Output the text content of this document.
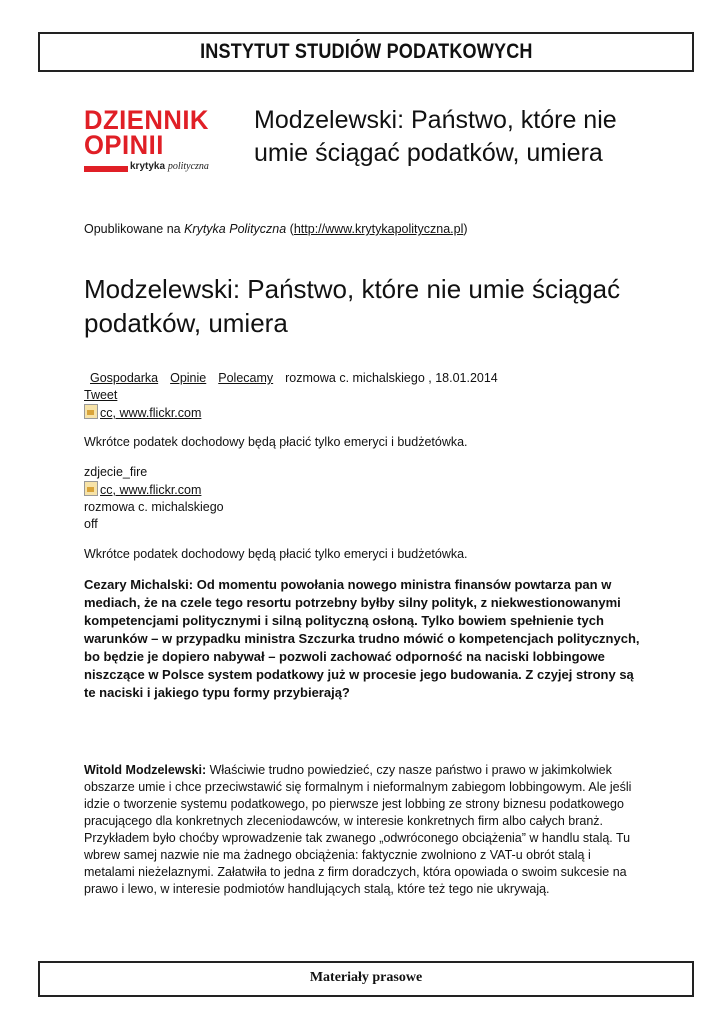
INSTYTUT STUDIÓW PODATKOWYCH
DZIENNIK
OPINII
krytyka polityczna
Modzelewski: Państwo, które nie umie ściągać podatków, umiera
Opublikowane na Krytyka Polityczna (http://www.krytykapolityczna.pl)
Modzelewski: Państwo, które nie umie ściągać podatków, umiera
Gospodarka Opinie Polecamy rozmowa c. michalskiego , 18.01.2014
Tweet
cc, www.flickr.com
Wkrótce podatek dochodowy będą płacić tylko emeryci i budżetówka.
zdjecie_fire
cc, www.flickr.com
rozmowa c. michalskiego
off
Wkrótce podatek dochodowy będą płacić tylko emeryci i budżetówka.
Cezary Michalski: Od momentu powołania nowego ministra finansów powtarza pan w mediach, że na czele tego resortu potrzebny byłby silny polityk, z niekwestionowanymi kompetencjami politycznymi i silną polityczną osłoną. Tylko bowiem spełnienie tych warunków – w przypadku ministra Szczurka trudno mówić o kompetencjach politycznych, bo będzie je dopiero nabywał – pozwoli zachować odporność na naciski lobbingowe niszczące w Polsce system podatkowy już w procesie jego budowania. Z czyjej strony są te naciski i jakiego typu formy przybierają?
Witold Modzelewski: Właściwie trudno powiedzieć, czy nasze państwo i prawo w jakimkolwiek obszarze umie i chce przeciwstawić się formalnym i nieformalnym zabiegom lobbingowym. Ale jeśli idzie o tworzenie systemu podatkowego, po pierwsze jest lobbing ze strony biznesu podatkowego pracującego dla konkretnych zleceniodawców, w interesie konkretnych firm albo całych branż. Przykładem było choćby wprowadzenie tak zwanego „odwróconego obciążenia” w handlu stalą. Tu wbrew samej nazwie nie ma żadnego obciążenia: faktycznie zwolniono z VAT-u obrót stalą i metalami nieżelaznymi. Załatwiła to jedna z firm doradczych, która opowiada o swoim sukcesie na prawo i lewo, w interesie podmiotów handlujących stalą, które też tego nie ukrywają.
Materiały prasowe
